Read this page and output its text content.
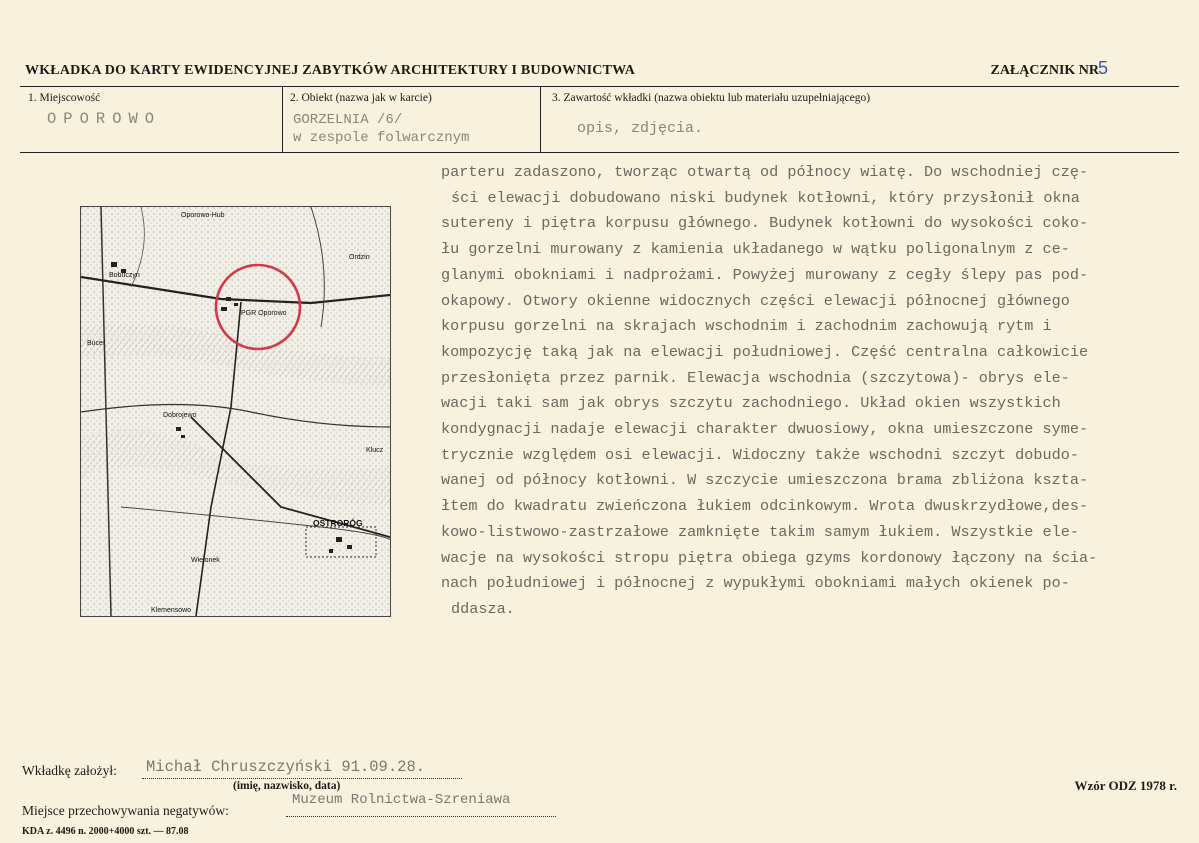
WKŁADKA DO KARTY EWIDENCYJNEJ ZABYTKÓW ARCHITEKTURY I BUDOWNICTWA	ZAŁĄCZNIK NR 5
1. Miejscowość
OPOROWO
2. Obiekt (nazwa jak w karcie)
GORZELNIA /6/
w zespole folwarcznym
3. Zawartość wkładki (nazwa obiektu lub materiału uzupełniającego)
opis, zdjęcia.
Oporowo-Hub
Bobuczyn
PGR Oporowo
Ordzin
Dobrojewo
Klucz
OSTRORÓG
Wielonek
Klemensowo
Bucer
parteru zadaszono, tworząc otwartą od północy wiatę. Do wschodniej czę-
ści elewacji dobudowano niski budynek kotłowni, który przysłonił okna
sutereny i piętra korpusu głównego. Budynek kotłowni do wysokości coko-
łu gorzelni murowany z kamienia układanego w wątku poligonalnym z ce-
glanymi obokniami i nadprożami. Powyżej murowany z cegły ślepy pas pod-
okapowy. Otwory okienne widocznych części elewacji północnej głównego
korpusu gorzelni na skrajach wschodnim i zachodnim zachowują rytm i
kompozycję taką jak na elewacji południowej. Część centralna całkowicie
przesłonięta przez parnik. Elewacja wschodnia (szczytowa)- obrys ele-
wacji taki sam jak obrys szczytu zachodniego. Układ okien wszystkich
kondygnacji nadaje elewacji charakter dwuosiowy, okna umieszczone syme-
trycznie względem osi elewacji. Widoczny także wschodni szczyt dobudo-
wanej od północy kotłowni. W szczycie umieszczona brama zbliżona kszta-
łtem do kwadratu zwieńczona łukiem odcinkowym. Wrota dwuskrzydłowe,des-
kowo-listwowo-zastrzałowe zamknięte takim samym łukiem. Wszystkie ele-
wacje na wysokości stropu piętra obiega gzyms kordonowy łączony na ścia-
nach południowej i północnej z wypukłymi obokniami małych okienek po-
ddasza.
Wkładkę założył: Michał Chruszczyński 91.09.28.
(imię, nazwisko, data)
Miejsce przechowywania negatywów:
Muzeum Rolnictwa-Szreniawa
Wzór ODZ 1978 r.
KDA z. 4496 n. 2000+4000 szt. — 87.08
